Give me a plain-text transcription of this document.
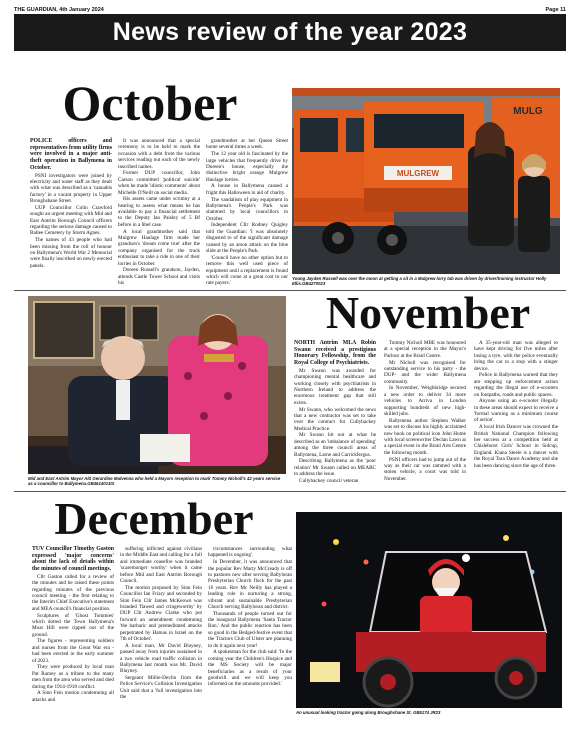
THE GUARDIAN, 4th January 2024	Page 11
News review of the year 2023
October

POLICE officers and representatives from utility firms were involved in a major anti-theft operation in Ballymena in October.

PSNI investigators were joined by electricity and water staff as they dealt with what was described as a 'cannabis factory' in a vacant property in Upper Broughshane Street.

UUP Councillor Colin Crawford sought an urgent meeting with Mid and East Antrim Borough Council officers regarding the serious damage caused to Ballee Cemetery by Storm Agnes.

The names of 43 people who had been missing from the roll of honour on Ballymena's World War 2 Memorial were finally inscribed on newly erected panels.

It was announced that a special ceremony is to be held to mark the occasion with a debt from the various services reading out each of the newly inscribed names.

Former DUP councillor, John Carson committed 'political suicide' when he made 'idiotic comments' about Michelle O'Neill on social media.

His assets came under scrutiny at a hearing to assess what means he has available to pay a financial settlement to the Deputy Ian Paisley of 5 Bf before in a libel case.

A local grandmother said that Mulgrew Haulage firm made her grandson's 'dream come true' after the company organised for the truck enthusiast to take a ride in one of their lorries in October.

Doreen Russell's grandson, Jayden, attends Castle Tower School and visits his

grandmother at her Queen Street home several times a week.

The 12 year old is fascinated by the large vehicles that frequently drive by Doreen's house, especially the distinctive bright orange Mulgrew Haulage lorries.

A house in Ballymena caused a fright this Halloween in aid of charity.

The vandalism of play equipment in Ballymena's People's Park was slammed by local councillors in October.

Independent Cllr Rodney Quigley told the Guardian: 'I was absolutely disgusted to of the significant damage caused by an arson attack on the blue slide at the People's Park.

'Council have no other option but to remove this well used piece of equipment until a replacement is found which will come at a great cost to our rate payers.'

MULGREW
MULG
Young Jayden Russell was over the moon at getting a sit in a Mulgrew lorry tab was driven by driver/training instructor Holly Ellis.GB4270023
Mid and East Antrim Mayor Ald Gerardine Mulvenna who held a Mayors reception to mark Tommy Nicholl's 42 years service as a councillor to Ballymena.GB4614013IX
November

NORTH Antrim MLA Robin Swann received a prestigious Honorary Fellowship, from the Royal College of Psychiatrists.

Mr Swann was awarded for championing mental healthcare and working closely with psychiatrists in Northern Ireland to address the enormous treatment gap that still exists.

Mr Swann, who welcomed the news that a new contractor was set to take over the contract for Cullybackey Medical Practice.

Mr Swann hit out at what he described as an 'imbalance of spending' among the three council areas of Ballymena, Larne and Carrickfergus.

Describing Ballymena as the 'poor relation' Mr Swann called on MEABC to address the issue.

Cullybackey council veteran

Tommy Nicholl MBE was honoured at a special reception in the Mayor's Parlour at the Braid Centre.

Mr Nicholl was recognised for outstanding service to his party - the DUP- and the wider Ballymena community.

In November, Weighbridge secured a new order to deliver 34 more vehicles to Arriva in London supporting hundreds of new high-skilled jobs.

Ballymena author Stephen Walker was set to discuss his highly acclaimed new book on political icon John Hume with local screenwriter Declan Lawn at a special event in the Braid Arts Centre the following month.

PSNI officers had to jump out of the way as their car was rammed with a stolen vehicle, a court was told in November.

A 35-year-old man was alleged to have kept driving for five miles after losing a tyre, with the police eventually bring the car to a stop with a stinger device.

Police in Ballymena warned that they are stepping up enforcement action regarding the illegal use of e-scooters on footpaths, roads and public spaces.

Anyone using an e-scooter illegally in these areas should expect to receive a 'formal warning as a minimum course of action'.

A local Irish Dancer was crowned the British National Champion following her success at a competition held at Chislehurst Girls' School in Sidcup, England. Kiana Steele is a dancer with the Royal Tara Dance Academy and she has been dancing since the age of three.

December

TUV Councillor Timothy Gaston expressed 'major concerns' about the lack of details within the minutes of council meetings.

Cllr Gaston called for a review of the minutes and he raised these points regarding minutes of the previous council meeting - the first relating to the Interim Chief Executive's statement and MEA council's financial position.

Sculptures of 'Ghost Tommies' which dotted the Town Ballymena's Moat Hill were ripped out of the ground.

The figures - representing soldiers and nurses from the Great War era - had been erected in the early summer of 2023.

They were produced by local man Pat Ramey as a tribute to the many men from the area who served and died during the 1914-1918 conflict.

A Sinn Fein motion condemning all attacks and

suffering inflicted against civilians in the Middle East and calling for a full and immediate ceasefire was branded 'scaremonger worthy' when it came before Mid and East Antrim Borough Council.

The motion proposed by Sinn Fein Councillor Ian Friary and seconded by Sinn Fein Cllr James McKeown was branded 'flawed and cringeworthy' by DUP Cllr Andrew Clarke who put forward an amendment condemning 'the barbaric and premeditated attacks perpetrated by Hamas in Israel on the 7th of October'.

A local man, Mr David Blayney, passed away from injuries sustained in a two vehicle road traffic collision in Ballymena last month was Mr. David Blayney.

Sergeant Millie-Devlin from the Police Service's Collision Investigation Unit said that a 'full investigation into the

circumstances surrounding what happened is ongoing'.

In December, it was announced that the popular Rev Marty McCready is off to pastures new after serving Ballyloran Presbyterian Church flock for the past 16 years. Rev Mc Neilly has played a leading role in nurturing a strong, vibrant and sustainable Presbyterian Church serving Ballyloran and district.

Thousands of people turned out for the inaugural Ballymena 'Santa Tractor Run.' And the public reaction has been so good in the Bedged-festive event that the Tractors Club of Ulster are planning to do it again next year!

A spokesman for the club said: 'In the coming year the Children's Hospice and the MS Society will be major beneficiaries as a result of your goodwill and we will keep you informed on the amounts provided.'

An unusual looking tractor going along Broughshane St. GB5174 JR23
